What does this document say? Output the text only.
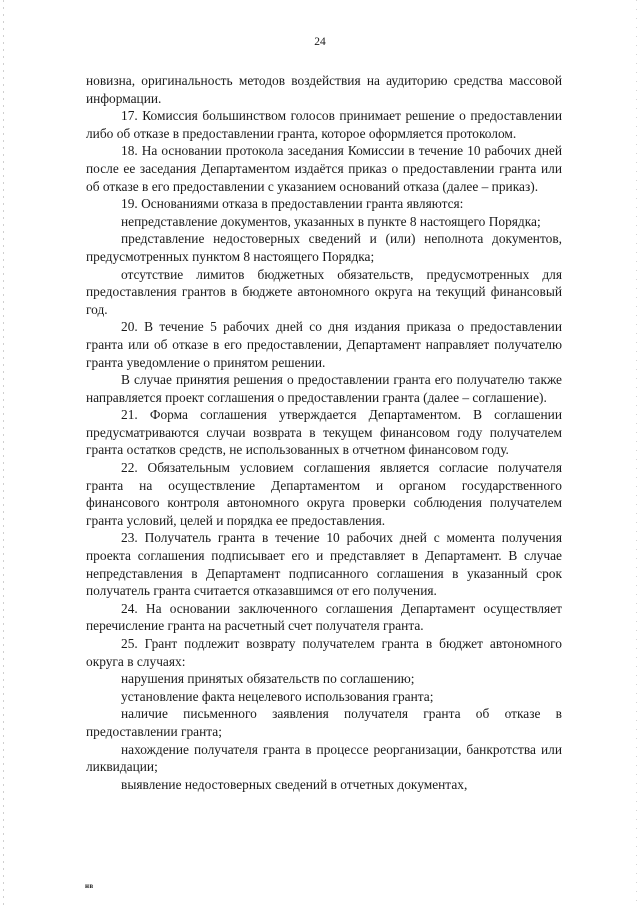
24

новизна, оригинальность методов воздействия на аудиторию средства массовой информации.

17. Комиссия большинством голосов принимает решение о предоставлении либо об отказе в предоставлении гранта, которое оформляется протоколом.

18. На основании протокола заседания Комиссии в течение 10 рабочих дней после ее заседания Департаментом издаётся приказ о предоставлении гранта или об отказе в его предоставлении с указанием оснований отказа (далее – приказ).

19. Основаниями отказа в предоставлении гранта являются:

непредставление документов, указанных в пункте 8 настоящего Порядка;

представление недостоверных сведений и (или) неполнота документов, предусмотренных пунктом 8 настоящего Порядка;

отсутствие лимитов бюджетных обязательств, предусмотренных для предоставления грантов в бюджете автономного округа на текущий финансовый год.

20. В течение 5 рабочих дней со дня издания приказа о предоставлении гранта или об отказе в его предоставлении, Департамент направляет получателю гранта уведомление о принятом решении.

В случае принятия решения о предоставлении гранта его получателю также направляется проект соглашения о предоставлении гранта (далее – соглашение).

21. Форма соглашения утверждается Департаментом. В соглашении предусматриваются случаи возврата в текущем финансовом году получателем гранта остатков средств, не использованных в отчетном финансовом году.

22. Обязательным условием соглашения является согласие получателя гранта на осуществление Департаментом и органом государственного финансового контроля автономного округа проверки соблюдения получателем гранта условий, целей и порядка ее предоставления.

23. Получатель гранта в течение 10 рабочих дней с момента получения проекта соглашения подписывает его и представляет в Департамент. В случае непредставления в Департамент подписанного соглашения в указанный срок получатель гранта считается отказавшимся от его получения.

24. На основании заключенного соглашения Департамент осуществляет перечисление гранта на расчетный счет получателя гранта.

25. Грант подлежит возврату получателем гранта в бюджет автономного округа в случаях:

нарушения принятых обязательств по соглашению;

установление факта нецелевого использования гранта;

наличие письменного заявления получателя гранта об отказе в предоставлении гранта;

нахождение получателя гранта в процессе реорганизации, банкротства или ликвидации;

выявление недостоверных сведений в отчетных документах,

нв
